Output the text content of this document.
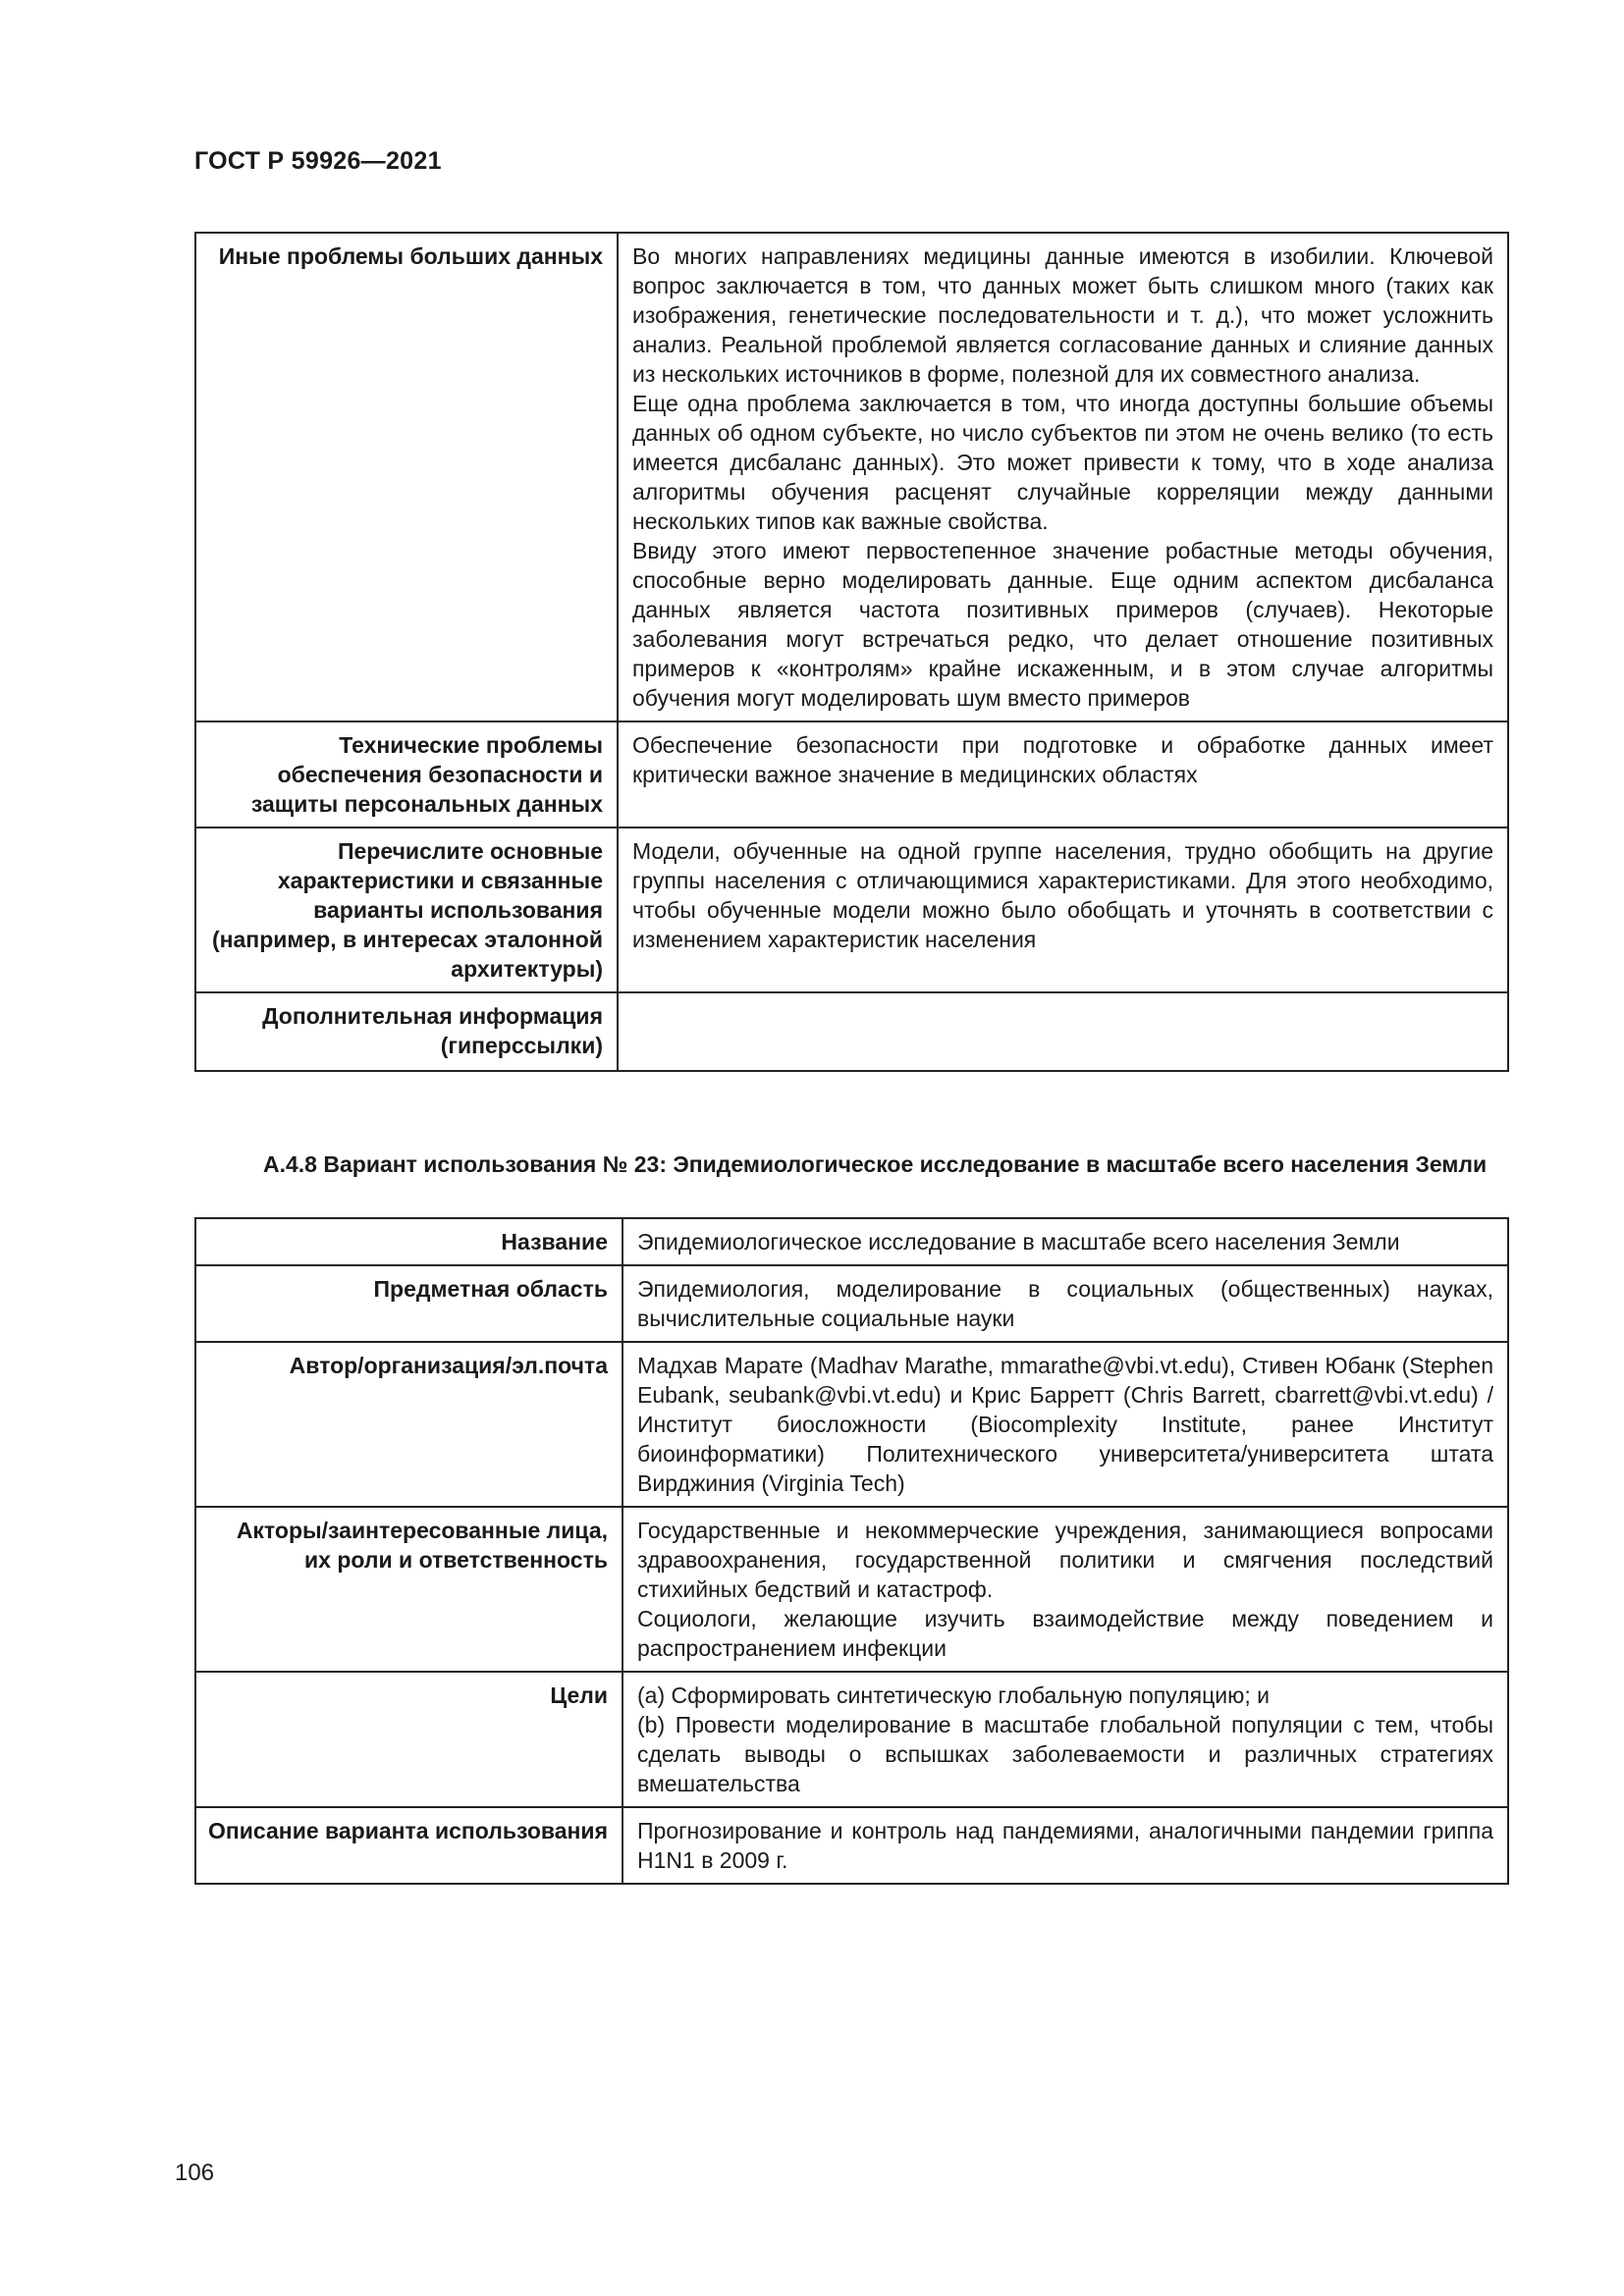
ГОСТ Р 59926—2021
Иные проблемы больших данных	Во многих направлениях медицины данные имеются в изобилии. Ключевой вопрос заключается в том, что данных может быть слишком много (таких как изображения, генетические последовательности и т. д.), что может усложнить анализ. Реальной проблемой является согласование данных и слияние данных из нескольких источников в форме, полезной для их совместного анализа.
Еще одна проблема заключается в том, что иногда доступны большие объемы данных об одном субъекте, но число субъектов пи этом не очень велико (то есть имеется дисбаланс данных). Это может привести к тому, что в ходе анализа алгоритмы обучения расценят случайные корреляции между данными нескольких типов как важные свойства.
Ввиду этого имеют первостепенное значение робастные методы обучения, способные верно моделировать данные. Еще одним аспектом дисбаланса данных является частота позитивных примеров (случаев). Некоторые заболевания могут встречаться редко, что делает отношение позитивных примеров к «контролям» крайне искаженным, и в этом случае алгоритмы обучения могут моделировать шум вместо примеров

Технические проблемы обеспечения безопасности и защиты персональных данных	Обеспечение безопасности при подготовке и обработке данных имеет критически важное значение в медицинских областях

Перечислите основные характеристики и связанные варианты использования (например, в интересах эталонной архитектуры)	Модели, обученные на одной группе населения, трудно обобщить на другие группы населения с отличающимися характеристиками. Для этого необходимо, чтобы обученные модели можно было обобщать и уточнять в соответствии с изменением характеристик населения

Дополнительная информация (гиперссылки)	
А.4.8 Вариант использования № 23: Эпидемиологическое исследование в масштабе всего населения Земли
Название	Эпидемиологическое исследование в масштабе всего населения Земли

Предметная область	Эпидемиология, моделирование в социальных (общественных) науках, вычислительные социальные науки

Автор/организация/эл.почта	Мадхав Марате (Madhav Marathe, mmarathe@vbi.vt.edu), Стивен Юбанк (Stephen Eubank, seubank@vbi.vt.edu) и Крис Барретт (Chris Barrett, cbarrett@vbi.vt.edu) / Институт биосложности (Biocomplexity Institute, ранее Институт биоинформатики) Политехнического университета/университета штата Вирджиния (Virginia Tech)

Акторы/заинтересованные лица, их роли и ответственность	Государственные и некоммерческие учреждения, занимающиеся вопросами здравоохранения, государственной политики и смягчения последствий стихийных бедствий и катастроф.
Социологи, желающие изучить взаимодействие между поведением и распространением инфекции

Цели	(a) Сформировать синтетическую глобальную популяцию; и
(b) Провести моделирование в масштабе глобальной популяции с тем, чтобы сделать выводы о вспышках заболеваемости и различных стратегиях вмешательства

Описание варианта использования	Прогнозирование и контроль над пандемиями, аналогичными пандемии гриппа H1N1 в 2009 г.
106
